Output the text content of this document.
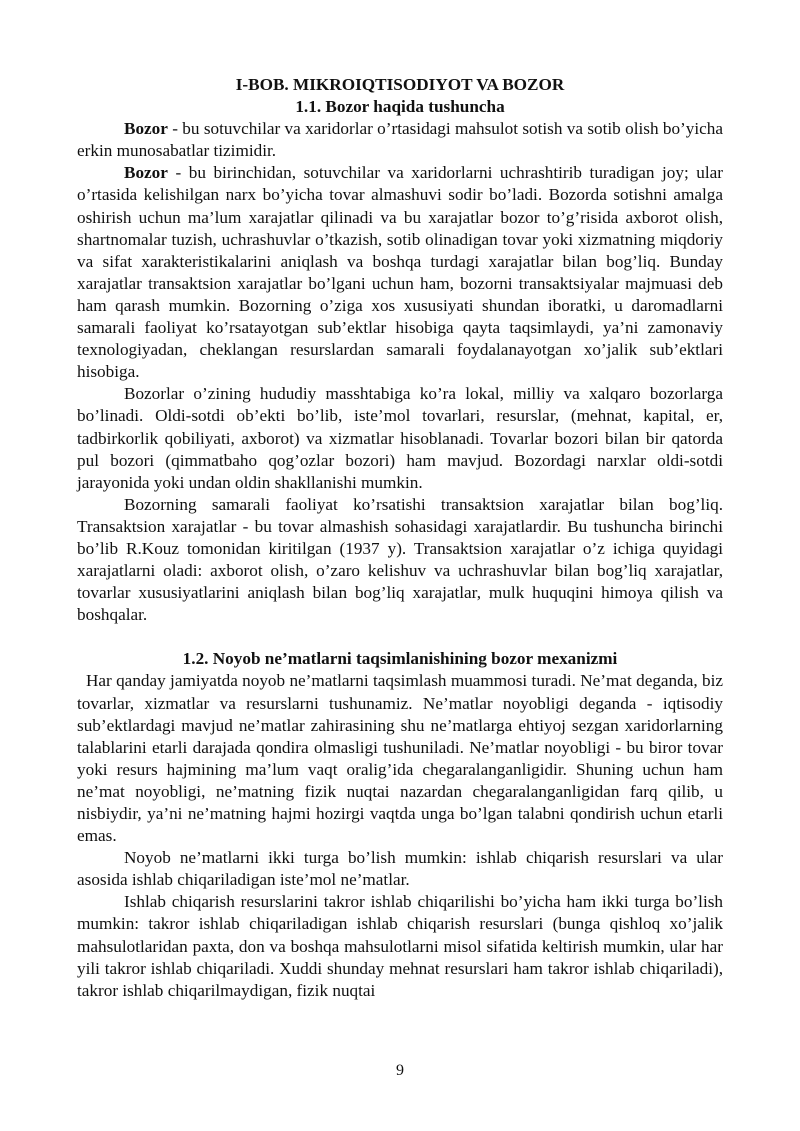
I-BOB. MIKROIQTISODIYOT VA BOZOR
1.1. Bozor haqida tushuncha

Bozor - bu sotuvchilar va xaridorlar o’rtasidagi mahsulot sotish va sotib olish bo’yicha erkin munosabatlar tizimidir.

Bozor - bu birinchidan, sotuvchilar va xaridorlarni uchrashtirib turadigan joy; ular o’rtasida kelishilgan narx bo’yicha tovar almashuvi sodir bo’ladi. Bozorda sotishni amalga oshirish uchun ma’lum xarajatlar qilinadi va bu xarajatlar bozor to’g’risida axborot olish, shartnomalar tuzish, uchrashuvlar o’tkazish, sotib olinadigan tovar yoki xizmatning miqdoriy va sifat xarakteristikalarini aniqlash va boshqa turdagi xarajatlar bilan bog’liq. Bunday xarajatlar transaktsion xarajatlar bo’lgani uchun ham, bozorni transaktsiyalar majmuasi deb ham qarash mumkin. Bozorning o’ziga xos xususiyati shundan iboratki, u daromadlarni samarali faoliyat ko’rsatayotgan sub’ektlar hisobiga qayta taqsimlaydi, ya’ni zamonaviy texnologiyadan, cheklangan resurslardan samarali foydalanayotgan xo’jalik sub’ektlari hisobiga.

Bozorlar o’zining hududiy masshtabiga ko’ra lokal, milliy va xalqaro bozorlarga bo’linadi. Oldi-sotdi ob’ekti bo’lib, iste’mol tovarlari, resurslar, (mehnat, kapital, er, tadbirkorlik qobiliyati, axborot) va xizmatlar hisoblanadi. Tovarlar bozori bilan bir qatorda pul bozori (qimmatbaho qog’ozlar bozori) ham mavjud. Bozordagi narxlar oldi-sotdi jarayonida yoki undan oldin shakllanishi mumkin.

Bozorning samarali faoliyat ko’rsatishi transaktsion xarajatlar bilan bog’liq. Transaktsion xarajatlar - bu tovar almashish sohasidagi xarajatlardir. Bu tushuncha birinchi bo’lib R.Kouz tomonidan kiritilgan (1937 y). Transaktsion xarajatlar o’z ichiga quyidagi xarajatlarni oladi: axborot olish, o’zaro kelishuv va uchrashuvlar bilan bog’liq xarajatlar, tovarlar xususiyatlarini aniqlash bilan bog’liq xarajatlar, mulk huquqini himoya qilish va boshqalar.

1.2. Noyob ne’matlarni taqsimlanishining bozor mexanizmi

Har qanday jamiyatda noyob ne’matlarni taqsimlash muammosi turadi. Ne’mat deganda, biz tovarlar, xizmatlar va resurslarni tushunamiz. Ne’matlar noyobligi deganda - iqtisodiy sub’ektlardagi mavjud ne’matlar zahirasining shu ne’matlarga ehtiyoj sezgan xaridorlarning talablarini etarli darajada qondira olmasligi tushuniladi. Ne’matlar noyobligi - bu biror tovar yoki resurs hajmining ma’lum vaqt oralig’ida chegaralanganligidir. Shuning uchun ham ne’mat noyobligi, ne’matning fizik nuqtai nazardan chegaralanganligidan farq qilib, u nisbiydir, ya’ni ne’matning hajmi hozirgi vaqtda unga bo’lgan talabni qondirish uchun etarli emas.

Noyob ne’matlarni ikki turga bo’lish mumkin: ishlab chiqarish resurslari va ular asosida ishlab chiqariladigan iste’mol ne’matlar.

Ishlab chiqarish resurslarini takror ishlab chiqarilishi bo’yicha ham ikki turga bo’lish mumkin: takror ishlab chiqariladigan ishlab chiqarish resurslari (bunga qishloq xo’jalik mahsulotlaridan paxta, don va boshqa mahsulotlarni misol sifatida keltirish mumkin, ular har yili takror ishlab chiqariladi. Xuddi shunday mehnat resurslari ham takror ishlab chiqariladi), takror ishlab chiqarilmaydigan, fizik nuqtai

9
